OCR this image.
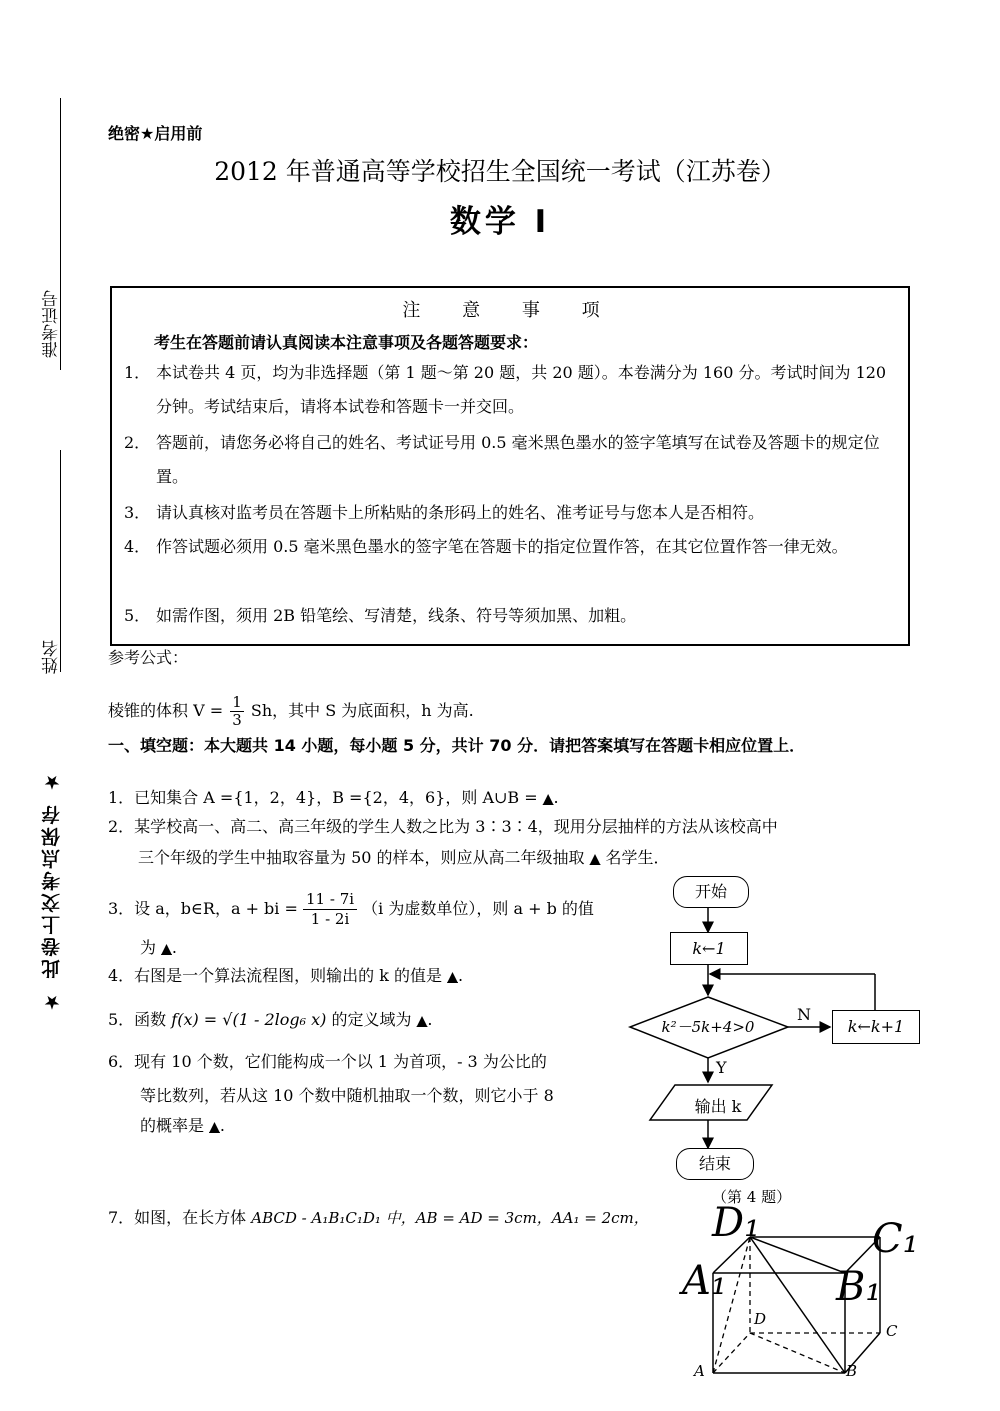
准考证号
姓名
★ 此卷上交考点保存 ★
绝密★启用前
2012 年普通高等学校招生全国统一考试（江苏卷）
数学 Ⅰ
注 意 事 项
考生在答题前请认真阅读本注意事项及各题答题要求：
1． 本试卷共 4 页，均为非选择题（第 1 题～第 20 题，共 20 题）。本卷满分为 160 分。考试时间为 120 分钟。考试结束后，请将本试卷和答题卡一并交回。
2． 答题前，请您务必将自己的姓名、考试证号用 0.5 毫米黑色墨水的签字笔填写在试卷及答题卡的规定位置。
3． 请认真核对监考员在答题卡上所粘贴的条形码上的姓名、准考证号与您本人是否相符。
4． 作答试题必须用 0.5 毫米黑色墨水的签字笔在答题卡的指定位置作答，在其它位置作答一律无效。
5． 如需作图，须用 2B 铅笔绘、写清楚，线条、符号等须加黑、加粗。
参考公式：
棱锥的体积 $V = \frac{1}{3}$ Sh，其中 S 为底面积，h 为高.
一、填空题：本大题共 14 小题，每小题 5 分，共计 70 分．请把答案填写在答题卡相应位置上．
1．已知集合 A ={1，2，4}，B ={2，4，6}，则 A∪B = ▲.
2．某学校高一、高二、高三年级的学生人数之比为 3∶3∶4，现用分层抽样的方法从该校高中
三个年级的学生中抽取容量为 50 的样本，则应从高二年级抽取 ▲ 名学生．
3．设 a，b∈R，a + bi = $\frac{11 - 7i}{1 - 2i} (i$ 为虚数单位），则 a + b 的值
为 ▲.
4．右图是一个算法流程图，则输出的 k 的值是 ▲.
5．函数 f(x) = √(1 - 2log₆ x) 的定义域为 ▲.
6．现有 10 个数，它们能构成一个以 1 为首项，- 3 为公比的
等比数列，若从这 10 个数中随机抽取一个数，则它小于 8
的概率是 ▲.
7．如图，在长方体 ABCD - A₁B₁C₁D₁ 中，AB = AD = 3cm，AA₁ = 2cm，
开始
k←1
k²－5k+4>0	k←k+1
N
Y
输出 k
结束
（第 4 题）
D₁	C₁
A₁	B₁
D
C
A	B
